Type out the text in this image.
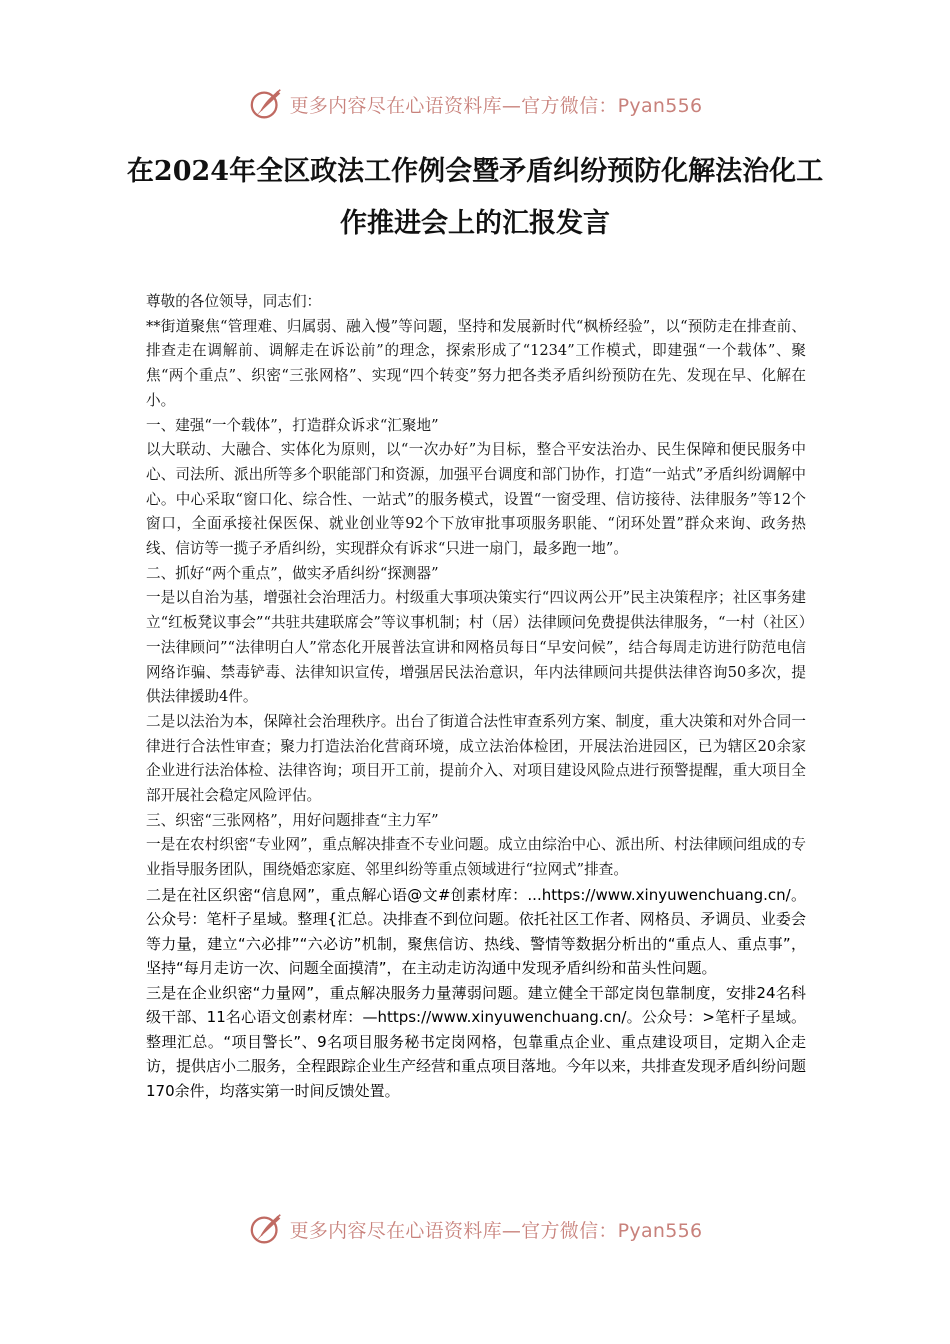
更多内容尽在心语资料库—官方微信：Pyan556
在2024年全区政法工作例会暨矛盾纠纷预防化解法治化工作推进会上的汇报发言

尊敬的各位领导，同志们：

**街道聚焦“管理难、归属弱、融入慢”等问题，坚持和发展新时代“枫桥经验”，以“预防走在排查前、排查走在调解前、调解走在诉讼前”的理念，探索形成了“1234”工作模式，即建强“一个载体”、聚焦“两个重点”、织密“三张网格”、实现“四个转变”努力把各类矛盾纠纷预防在先、发现在早、化解在小。

一、建强“一个载体”，打造群众诉求“汇聚地”

以大联动、大融合、实体化为原则，以“一次办好”为目标，整合平安法治办、民生保障和便民服务中心、司法所、派出所等多个职能部门和资源，加强平台调度和部门协作，打造“一站式”矛盾纠纷调解中心。中心采取“窗口化、综合性、一站式”的服务模式，设置“一窗受理、信访接待、法律服务”等12个窗口，全面承接社保医保、就业创业等92个下放审批事项服务职能、“闭环处置”群众来询、政务热线、信访等一揽子矛盾纠纷，实现群众有诉求“只进一扇门，最多跑一地”。

二、抓好“两个重点”，做实矛盾纠纷“探测器”

一是以自治为基，增强社会治理活力。村级重大事项决策实行“四议两公开”民主决策程序；社区事务建立“红板凳议事会”“共驻共建联席会”等议事机制；村（居）法律顾问免费提供法律服务，“一村（社区）一法律顾问”“法律明白人”常态化开展普法宣讲和网格员每日“早安问候”，结合每周走访进行防范电信网络诈骗、禁毒铲毒、法律知识宣传，增强居民法治意识，年内法律顾问共提供法律咨询50多次，提供法律援助4件。

二是以法治为本，保障社会治理秩序。出台了街道合法性审查系列方案、制度，重大决策和对外合同一律进行合法性审查；聚力打造法治化营商环境，成立法治体检团，开展法治进园区，已为辖区20余家企业进行法治体检、法律咨询；项目开工前，提前介入、对项目建设风险点进行预警提醒，重大项目全部开展社会稳定风险评估。

三、织密“三张网格”，用好问题排查“主力军”

一是在农村织密“专业网”，重点解决排查不专业问题。成立由综治中心、派出所、村法律顾问组成的专业指导服务团队，围绕婚恋家庭、邻里纠纷等重点领域进行“拉网式”排查。

二是在社区织密“信息网”，重点解心语@文#创素材库：...https://www.xinyuwenchuang.cn/。公众号：笔杆子星域。整理{汇总。决排查不到位问题。依托社区工作者、网格员、矛调员、业委会等力量，建立“六必排”“六必访”机制，聚焦信访、热线、警情等数据分析出的“重点人、重点事”，坚持“每月走访一次、问题全面摸清”，在主动走访沟通中发现矛盾纠纷和苗头性问题。

三是在企业织密“力量网”，重点解决服务力量薄弱问题。建立健全干部定岗包靠制度，安排24名科级干部、11名心语文创素材库：—https://www.xinyuwenchuang.cn/。公众号：>笔杆子星域。整理汇总。“项目警长”、9名项目服务秘书定岗网格，包靠重点企业、重点建设项目，定期入企走访，提供店小二服务，全程跟踪企业生产经营和重点项目落地。今年以来，共排查发现矛盾纠纷问题170余件，均落实第一时间反馈处置。

更多内容尽在心语资料库—官方微信：Pyan556
